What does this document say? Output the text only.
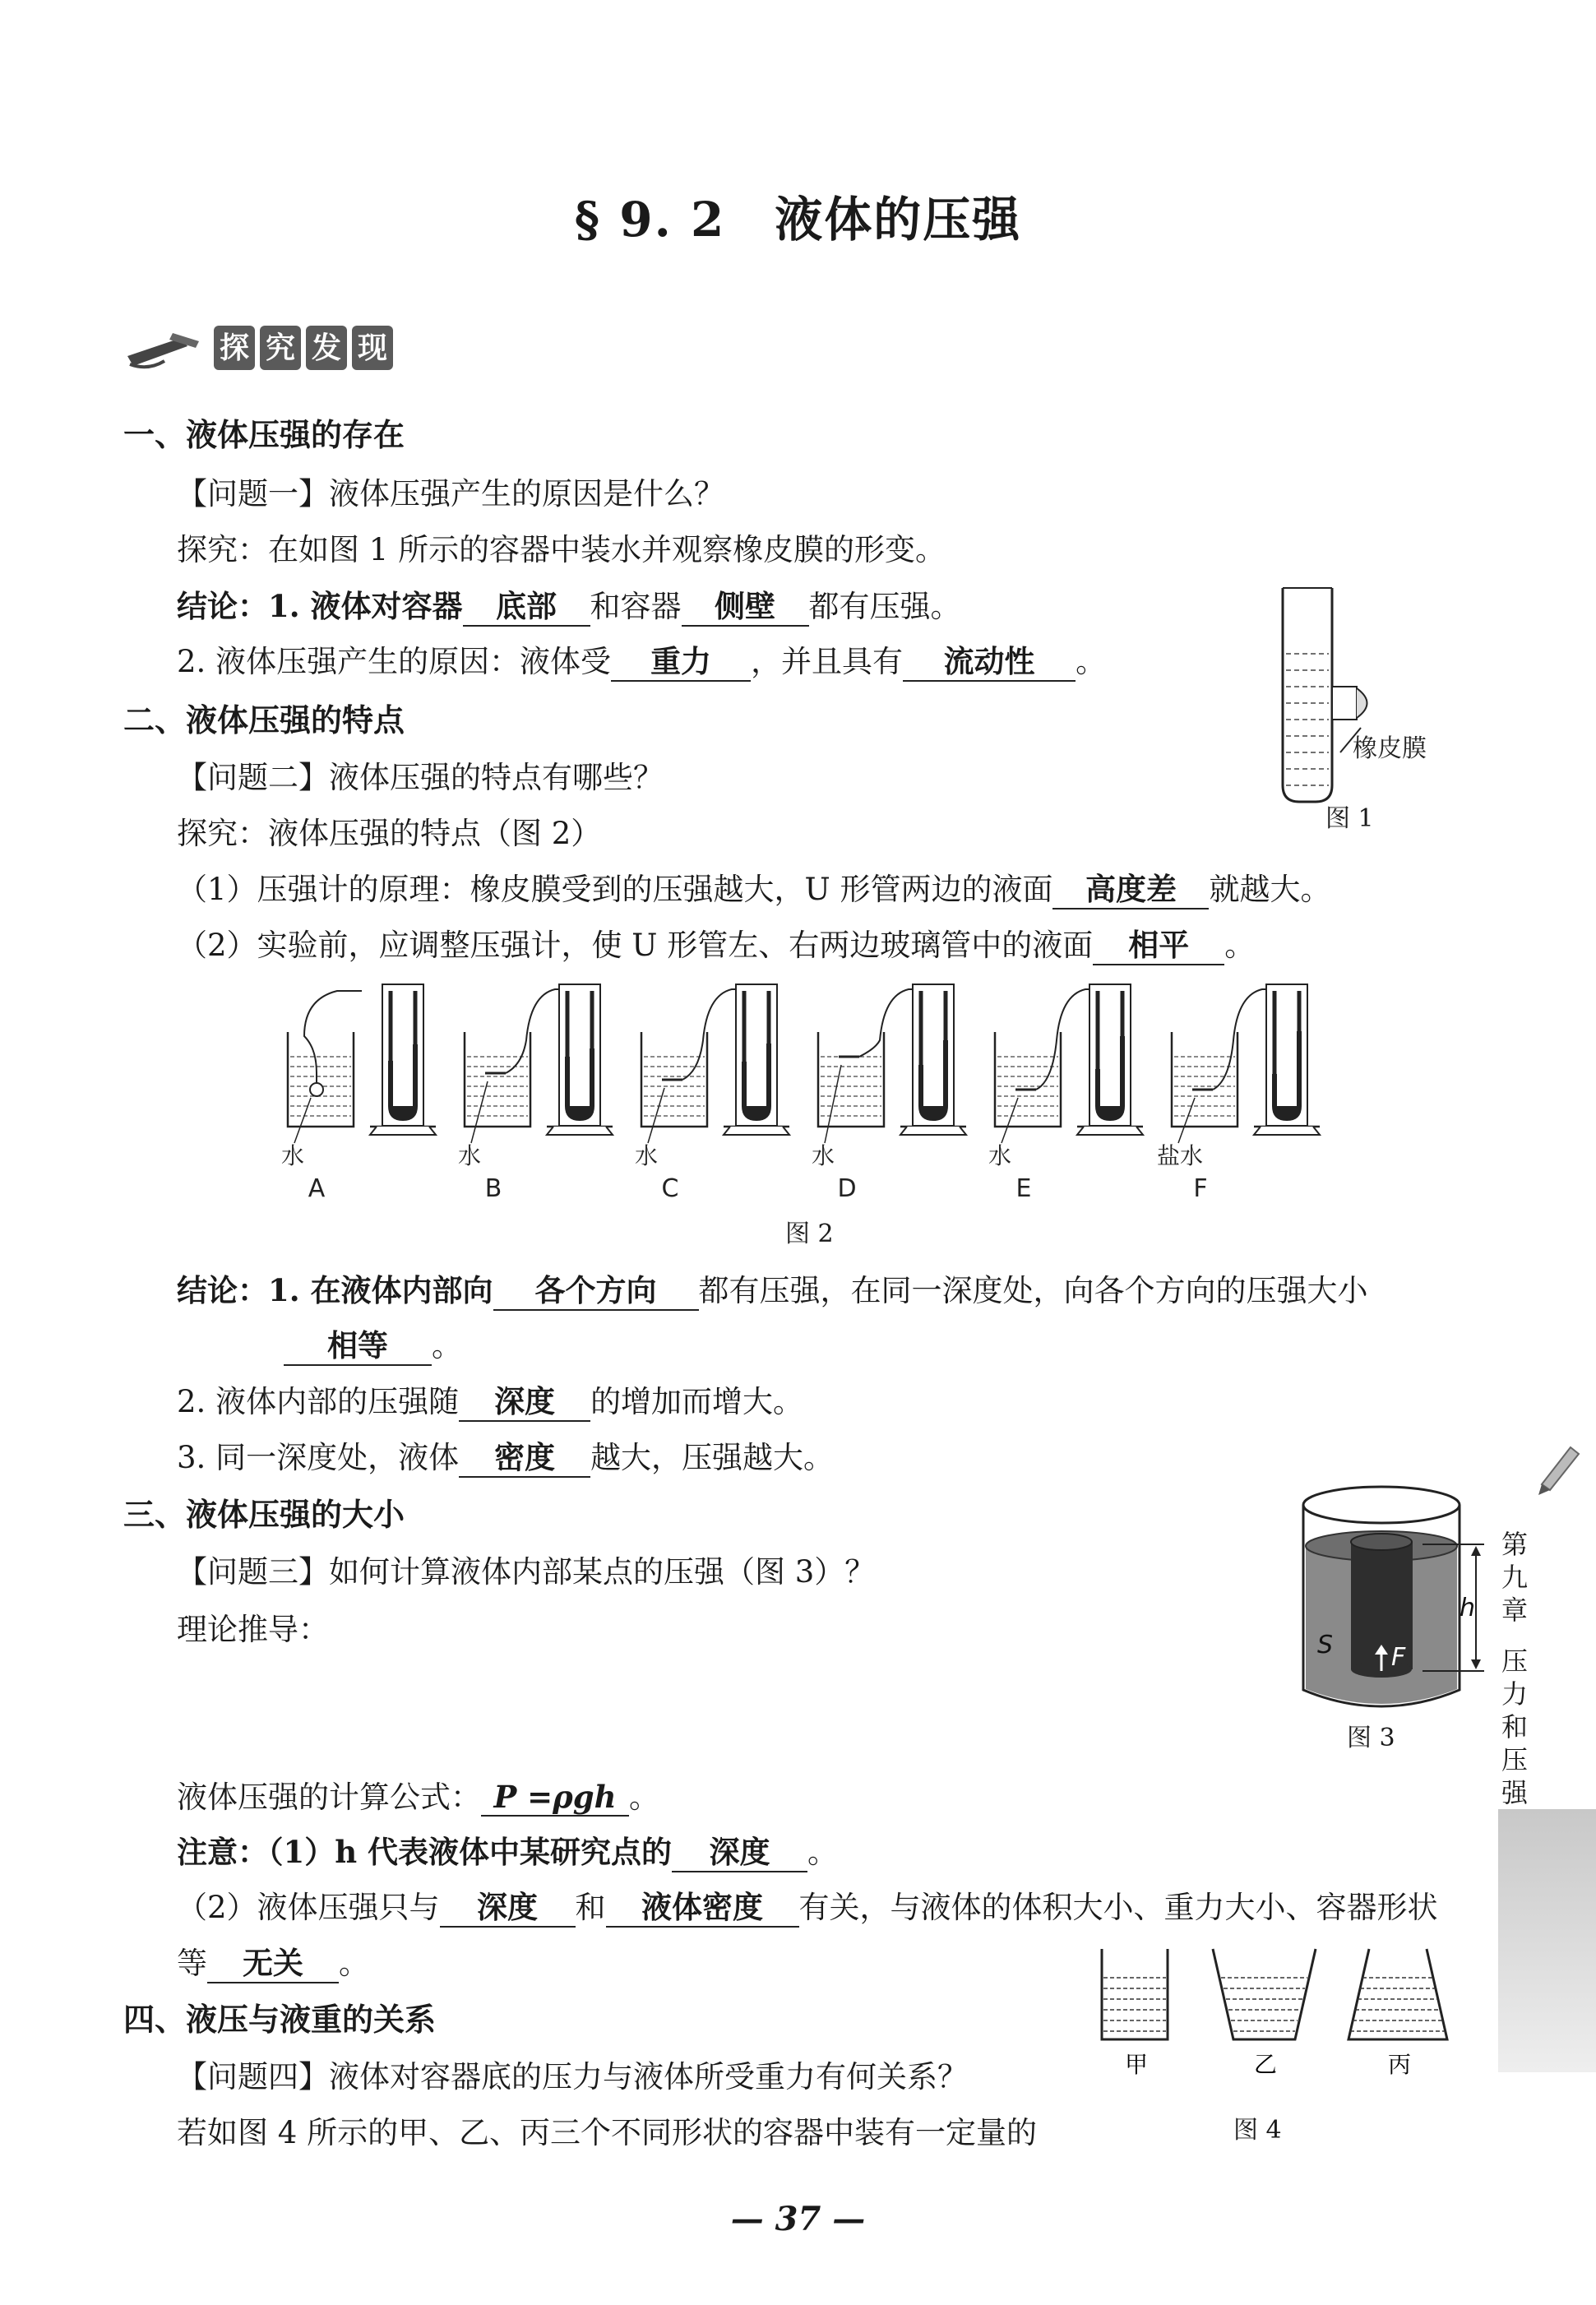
§ 9. 2　液体的压强
探 究 发 现
一、液体压强的存在
【问题一】液体压强产生的原因是什么？
探究：在如图 1 所示的容器中装水并观察橡皮膜的形变。
结论：1. 液体对容器 底部 和容器 侧壁 都有压强。
2. 液体压强产生的原因：液体受 重力 ，并且具有 流动性 。
橡皮膜
图 1
二、液体压强的特点
【问题二】液体压强的特点有哪些？
探究：液体压强的特点（图 2）
（1）压强计的原理：橡皮膜受到的压强越大，U 形管两边的液面 高度差 就越大。
（2）实验前，应调整压强计，使 U 形管左、右两边玻璃管中的液面 相平 。
水
A
水
B
水
C
水
D
水
E
盐水
F
图 2
结论：1. 在液体内部向 各个方向 都有压强，在同一深度处，向各个方向的压强大小
相等 。
2. 液体内部的压强随 深度 的增加而增大。
3. 同一深度处，液体 密度 越大，压强越大。
三、液体压强的大小
【问题三】如何计算液体内部某点的压强（图 3）？
理论推导：
F
S
h
图 3
液体压强的计算公式： P =ρgh 。
注意：（1）h 代表液体中某研究点的 深度 。
（2）液体压强只与 深度 和 液体密度 有关，与液体的体积大小、重力大小、容器形状
等 无关 。
四、液压与液重的关系
【问题四】液体对容器底的压力与液体所受重力有何关系？
若如图 4 所示的甲、乙、丙三个不同形状的容器中装有一定量的
甲	乙	丙
图 4
第
九
章
压
力
和
压
强
— 37 —
